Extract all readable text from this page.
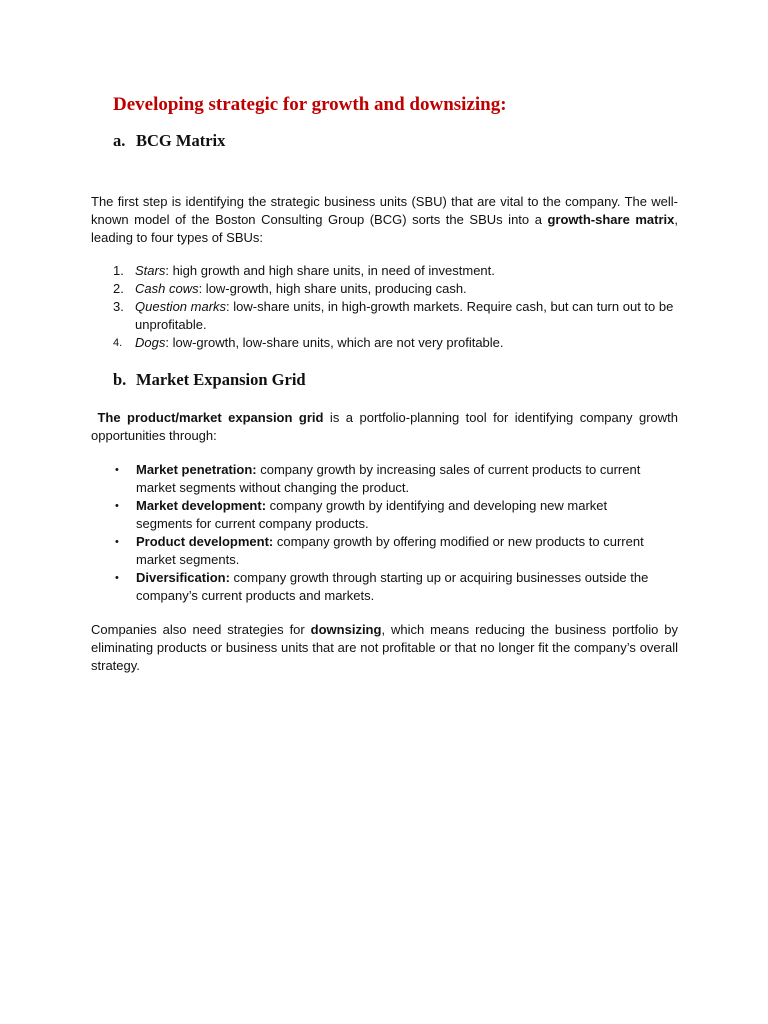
Developing strategic for growth and downsizing:
a. BCG Matrix

The first step is identifying the strategic business units (SBU) that are vital to the company. The well-known model of the Boston Consulting Group (BCG) sorts the SBUs into a growth-share matrix, leading to four types of SBUs:

1. Stars: high growth and high share units, in need of investment.
2. Cash cows: low-growth, high share units, producing cash.
3. Question marks: low-share units, in high-growth markets. Require cash, but can turn out to be unprofitable.
4. Dogs: low-growth, low-share units, which are not very profitable.
b. Market Expansion Grid

The product/market expansion grid is a portfolio-planning tool for identifying company growth opportunities through:

• Market penetration: company growth by increasing sales of current products to current market segments without changing the product.
• Market development: company growth by identifying and developing new market segments for current company products.
• Product development: company growth by offering modified or new products to current market segments.
• Diversification: company growth through starting up or acquiring businesses outside the company’s current products and markets.

Companies also need strategies for downsizing, which means reducing the business portfolio by eliminating products or business units that are not profitable or that no longer fit the company’s overall strategy.
